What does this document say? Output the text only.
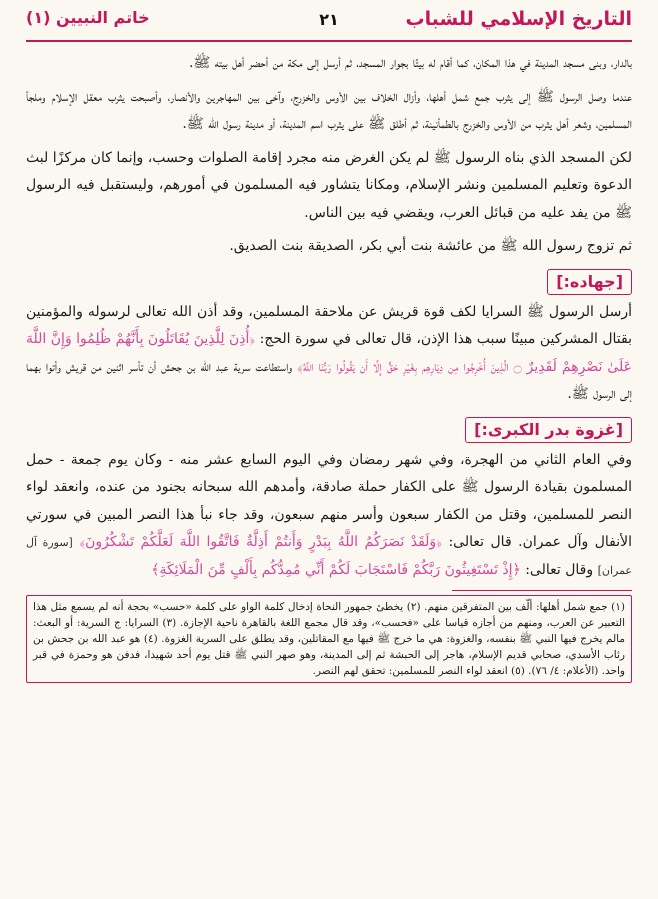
التاريخ الإسلامي للشباب
٢١
خاتم النبيين (١)

بالدار، وبنى مسجد المدينة في هذا المكان، كما أقام له بيتًا بجوار المسجد، ثم أرسل إلى مكة من أحضر أهل بيته ﷺ.

عندما وصل الرسول ﷺ إلى يثرب جمع شمل أهلها، وأزال الخلاف بين الأوس والخزرج، وآخى بين المهاجرين والأنصار، وأصبحت يثرب معقل الإسلام وملجأ المسلمين، وشعر أهل يثرب من الأوس والخزرج بالطمأنينة، ثم أطلق ﷺ على يثرب اسم المدينة، أو مدينة رسول الله ﷺ.

لكن المسجد الذي بناه الرسول ﷺ لم يكن الغرض منه مجرد إقامة الصلوات وحسب، وإنما كان مركزًا لبث الدعوة وتعليم المسلمين ونشر الإسلام، ومكانا يتشاور فيه المسلمون في أمورهم، وليستقبل فيه الرسول ﷺ من يفد عليه من قبائل العرب، ويقضي فيه بين الناس.

ثم تزوج رسول الله ﷺ من عائشة بنت أبي بكر، الصديقة بنت الصديق.

[جهاده:]

أرسل الرسول ﷺ السرايا لكف قوة قريش عن ملاحقة المسلمين، وقد أذن الله تعالى لرسوله والمؤمنين بقتال المشركين مبينًا سبب هذا الإذن، قال تعالى في سورة الحج: ﴿أُذِنَ لِلَّذِينَ يُقَاتَلُونَ بِأَنَّهُمْ ظُلِمُوا وَإِنَّ اللَّهَ عَلَىٰ نَصْرِهِمْ لَقَدِيرٌ ۝ الَّذِينَ أُخْرِجُوا مِن دِيَارِهِم بِغَيْرِ حَقٍّ إِلَّا أَن يَقُولُوا رَبُّنَا اللَّهُ﴾ واستطاعت سرية عبد الله بن جحش أن تأسر اثنين من قريش وأتوا بهما إلى الرسول ﷺ.

[غزوة بدر الكبرى:]

وفي العام الثاني من الهجرة، وفي شهر رمضان وفي اليوم السابع عشر منه - وكان يوم جمعة - حمل المسلمون بقيادة الرسول ﷺ على الكفار حملة صادقة، وأمدهم الله سبحانه بجنود من عنده، وانعقد لواء النصر للمسلمين، وقتل من الكفار سبعون وأسر منهم سبعون، وقد جاء نبأ هذا النصر المبين في سورتي الأنفال وآل عمران. قال تعالى: ﴿وَلَقَدْ نَصَرَكُمُ اللَّهُ بِبَدْرٍ وَأَنتُمْ أَذِلَّةٌ فَاتَّقُوا اللَّهَ لَعَلَّكُمْ تَشْكُرُونَ﴾ [سورة آل عمران] وقال تعالى: ﴿إِذْ تَسْتَغِيثُونَ رَبَّكُمْ فَاسْتَجَابَ لَكُمْ أَنِّي مُمِدُّكُم بِأَلْفٍ مِّنَ الْمَلَائِكَةِ﴾

(١) جمع شمل أهلها: ألّف بين المتفرقين منهم. (٢) يخطئ جمهور النحاة إدخال كلمة الواو على كلمة «حسب» بحجة أنه لم يسمع مثل هذا التعبير عن العرب، ومنهم من أجازه قياسا على «فحسب»، وقد قال مجمع اللغة بالقاهرة ناحية الإجازة. (٣) السرايا: ج السرية: أو البعث: مالم يخرج فيها النبي ﷺ بنفسه، والغزوة: هي ما خرج ﷺ فيها مع المقاتلين، وقد يطلق على السرية الغزوة. (٤) هو عبد الله بن جحش بن رئاب الأسدي، صحابي قديم الإسلام، هاجر إلى الحبشة ثم إلى المدينة، وهو صهر النبي ﷺ قتل يوم أحد شهيدا، فدفن هو وحمزة في قبر واحد. (الأعلام: ٤/ ٧٦). (٥) انعقد لواء النصر للمسلمين: تحقق لهم النصر.
